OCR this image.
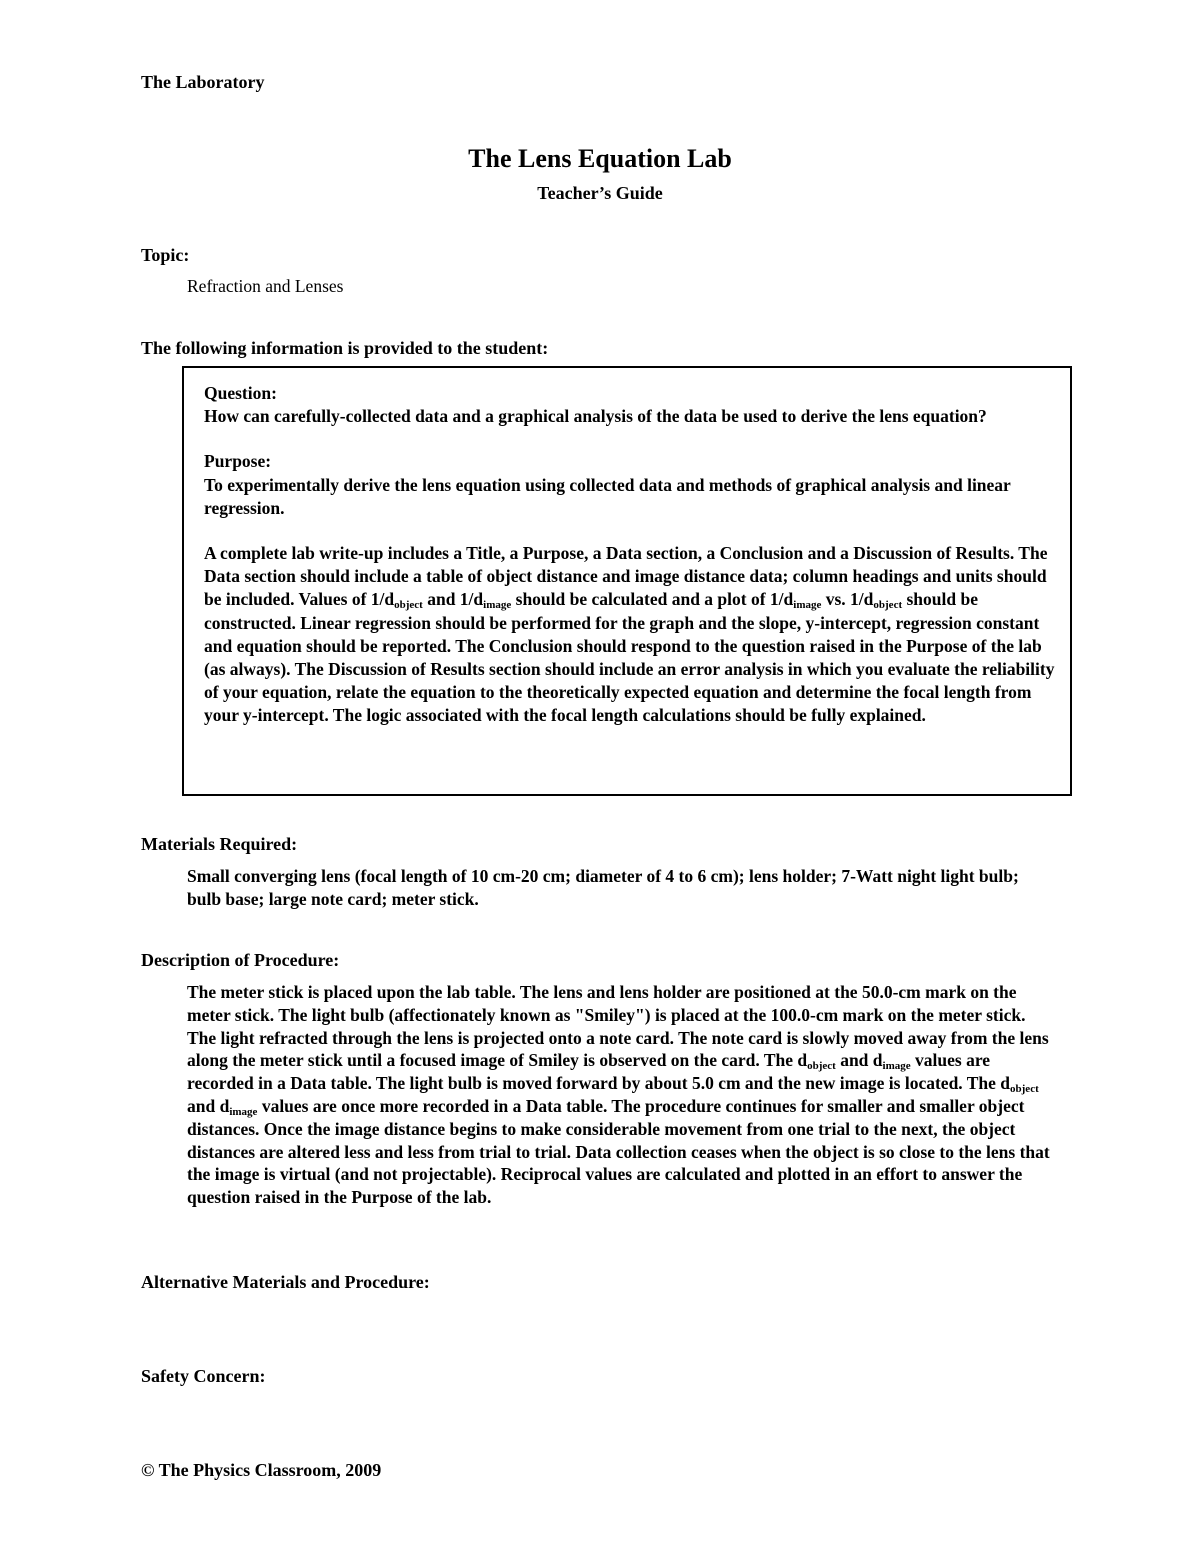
The Laboratory

The Lens Equation Lab

Teacher’s Guide

Topic:

Refraction and Lenses

The following information is provided to the student:

Question:

How can carefully-collected data and a graphical analysis of the data be used to derive the lens equation?

Purpose:

To experimentally derive the lens equation using collected data and methods of graphical analysis and linear regression.

A complete lab write-up includes a Title, a Purpose, a Data section, a Conclusion and a Discussion of Results. The Data section should include a table of object distance and image distance data; column headings and units should be included. Values of $1/d_{object}$ and $1/d_{image}$ should be calculated and a plot of $1/d_{image}$ vs. $1/d_{object}$ should be constructed. Linear regression should be performed for the graph and the slope, y-intercept, regression constant and equation should be reported. The Conclusion should respond to the question raised in the Purpose of the lab (as always). The Discussion of Results section should include an error analysis in which you evaluate the reliability of your equation, relate the equation to the theoretically expected equation and determine the focal length from your y-intercept. The logic associated with the focal length calculations should be fully explained.

Materials Required:

Small converging lens (focal length of 10 cm-20 cm; diameter of 4 to 6 cm); lens holder; 7-Watt night light bulb; bulb base; large note card; meter stick.

Description of Procedure:

The meter stick is placed upon the lab table. The lens and lens holder are positioned at the 50.0-cm mark on the meter stick. The light bulb (affectionately known as "Smiley") is placed at the 100.0-cm mark on the meter stick. The light refracted through the lens is projected onto a note card. The note card is slowly moved away from the lens along the meter stick until a focused image of Smiley is observed on the card. The $d_{object}$ and $d_{image}$ values are recorded in a Data table. The light bulb is moved forward by about 5.0 cm and the new image is located. The $d_{object}$ and $d_{image}$ values are once more recorded in a Data table. The procedure continues for smaller and smaller object distances. Once the image distance begins to make considerable movement from one trial to the next, the object distances are altered less and less from trial to trial. Data collection ceases when the object is so close to the lens that the image is virtual (and not projectable). Reciprocal values are calculated and plotted in an effort to answer the question raised in the Purpose of the lab.

Alternative Materials and Procedure:

Safety Concern:

© The Physics Classroom, 2009
